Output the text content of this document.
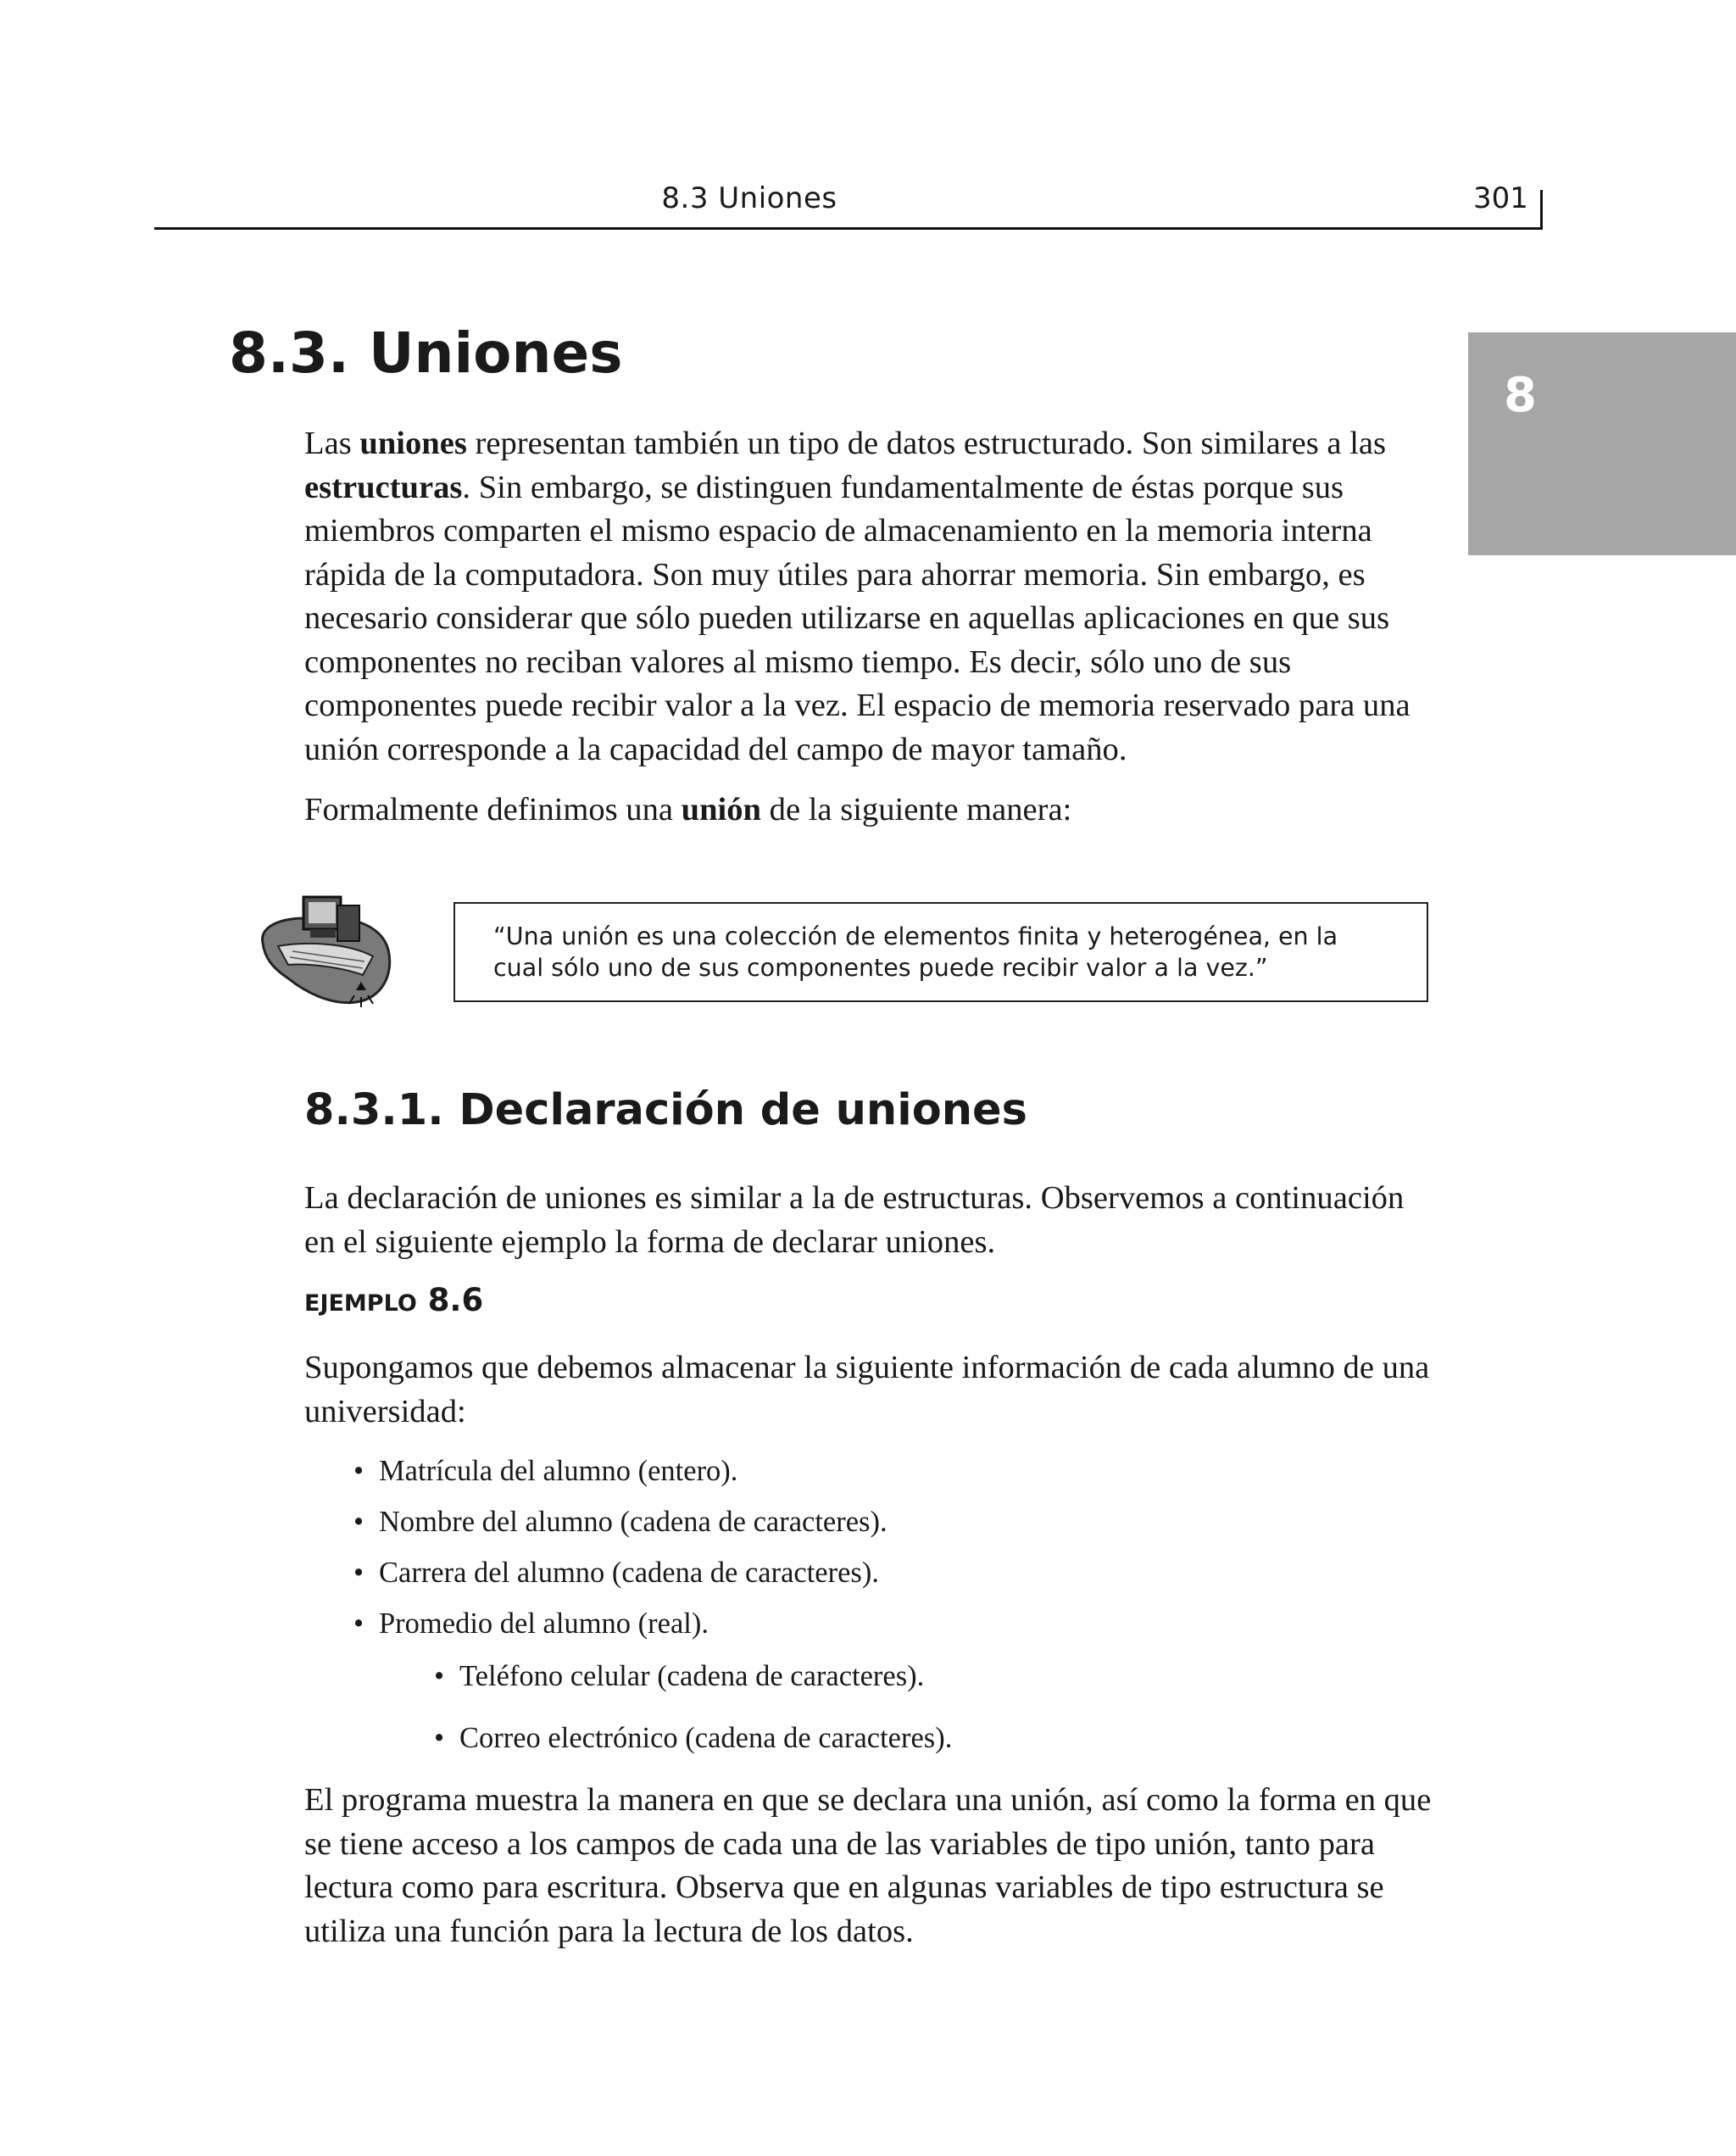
8.3 Uniones	301
8
8.3. Uniones

Las uniones representan también un tipo de datos estructurado. Son similares a las estructuras. Sin embargo, se distinguen fundamentalmente de éstas porque sus miembros comparten el mismo espacio de almacenamiento en la memoria interna rápida de la computadora. Son muy útiles para ahorrar memoria. Sin embargo, es necesario considerar que sólo pueden utilizarse en aquellas aplicaciones en que sus componentes no reciban valores al mismo tiempo. Es decir, sólo uno de sus componentes puede recibir valor a la vez. El espacio de memoria reservado para una unión corresponde a la capacidad del campo de mayor tamaño.

Formalmente definimos una unión de la siguiente manera:

“Una unión es una colección de elementos finita y heterogénea, en la cual sólo uno de sus componentes puede recibir valor a la vez.”
8.3.1. Declaración de uniones

La declaración de uniones es similar a la de estructuras. Observemos a continuación en el siguiente ejemplo la forma de declarar uniones.

EJEMPLO 8.6

Supongamos que debemos almacenar la siguiente información de cada alumno de una universidad:

• Matrícula del alumno (entero).
• Nombre del alumno (cadena de caracteres).
• Carrera del alumno (cadena de caracteres).
• Promedio del alumno (real).
• Teléfono celular (cadena de caracteres).
• Correo electrónico (cadena de caracteres).

El programa muestra la manera en que se declara una unión, así como la forma en que se tiene acceso a los campos de cada una de las variables de tipo unión, tanto para lectura como para escritura. Observa que en algunas variables de tipo estructura se utiliza una función para la lectura de los datos.
